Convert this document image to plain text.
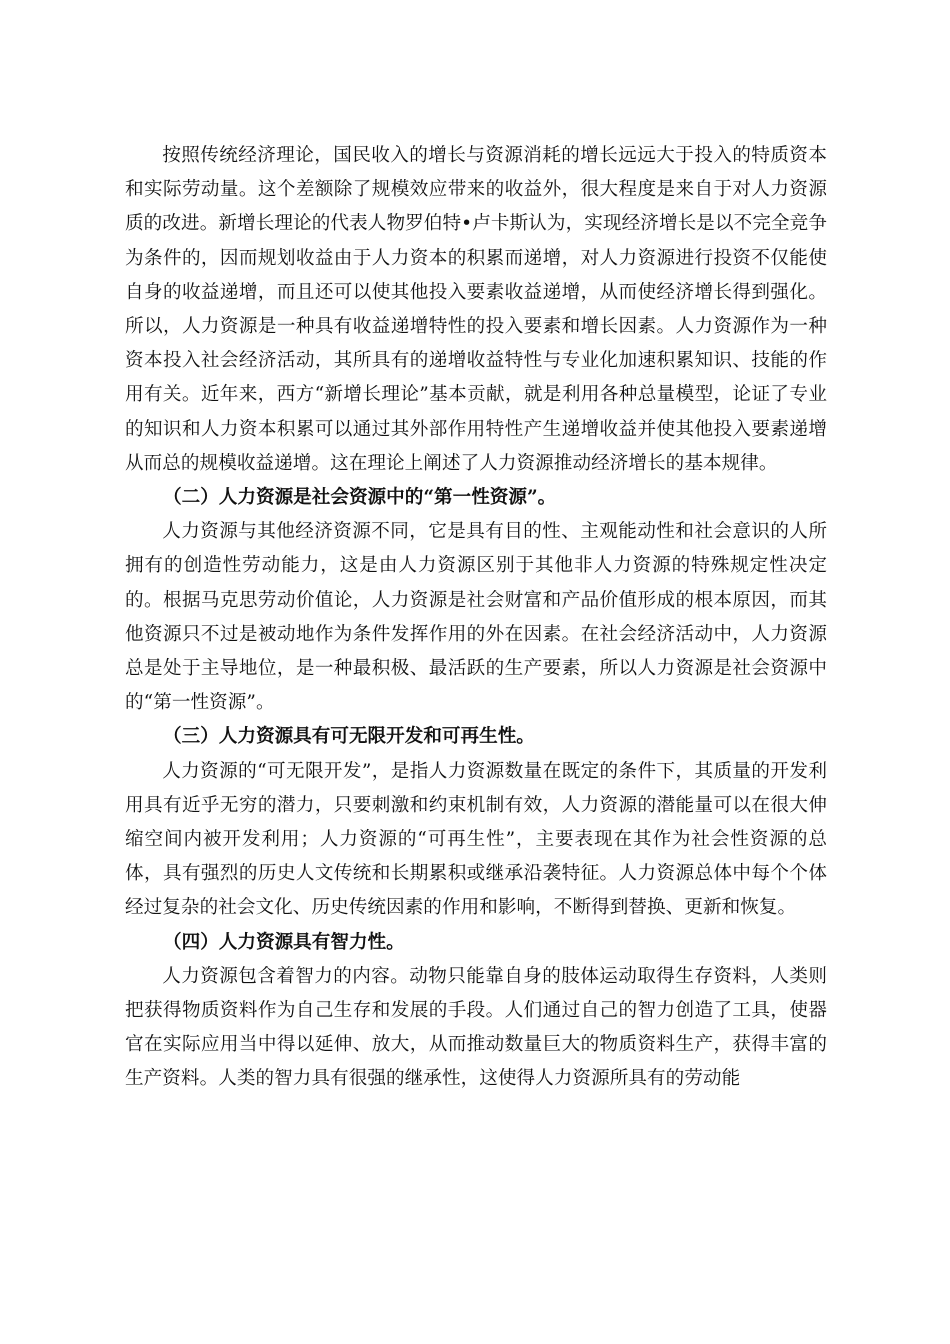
按照传统经济理论，国民收入的增长与资源消耗的增长远远大于投入的特质资本和实际劳动量。这个差额除了规模效应带来的收益外，很大程度是来自于对人力资源质的改进。新增长理论的代表人物罗伯特•卢卡斯认为，实现经济增长是以不完全竞争为条件的，因而规划收益由于人力资本的积累而递增，对人力资源进行投资不仅能使自身的收益递增，而且还可以使其他投入要素收益递增，从而使经济增长得到强化。所以，人力资源是一种具有收益递增特性的投入要素和增长因素。人力资源作为一种资本投入社会经济活动，其所具有的递增收益特性与专业化加速积累知识、技能的作用有关。近年来，西方“新增长理论”基本贡献，就是利用各种总量模型，论证了专业的知识和人力资本积累可以通过其外部作用特性产生递增收益并使其他投入要素递增从而总的规模收益递增。这在理论上阐述了人力资源推动经济增长的基本规律。

（二）人力资源是社会资源中的“第一性资源”。

人力资源与其他经济资源不同，它是具有目的性、主观能动性和社会意识的人所拥有的创造性劳动能力，这是由人力资源区别于其他非人力资源的特殊规定性决定的。根据马克思劳动价值论，人力资源是社会财富和产品价值形成的根本原因，而其他资源只不过是被动地作为条件发挥作用的外在因素。在社会经济活动中，人力资源总是处于主导地位，是一种最积极、最活跃的生产要素，所以人力资源是社会资源中的“第一性资源”。

（三）人力资源具有可无限开发和可再生性。

人力资源的“可无限开发”，是指人力资源数量在既定的条件下，其质量的开发利用具有近乎无穷的潜力，只要刺激和约束机制有效，人力资源的潜能量可以在很大伸缩空间内被开发利用；人力资源的“可再生性”，主要表现在其作为社会性资源的总体，具有强烈的历史人文传统和长期累积或继承沿袭特征。人力资源总体中每个个体经过复杂的社会文化、历史传统因素的作用和影响，不断得到替换、更新和恢复。

（四）人力资源具有智力性。

人力资源包含着智力的内容。动物只能靠自身的肢体运动取得生存资料，人类则把获得物质资料作为自己生存和发展的手段。人们通过自己的智力创造了工具，使器官在实际应用当中得以延伸、放大，从而推动数量巨大的物质资料生产，获得丰富的生产资料。人类的智力具有很强的继承性，这使得人力资源所具有的劳动能
